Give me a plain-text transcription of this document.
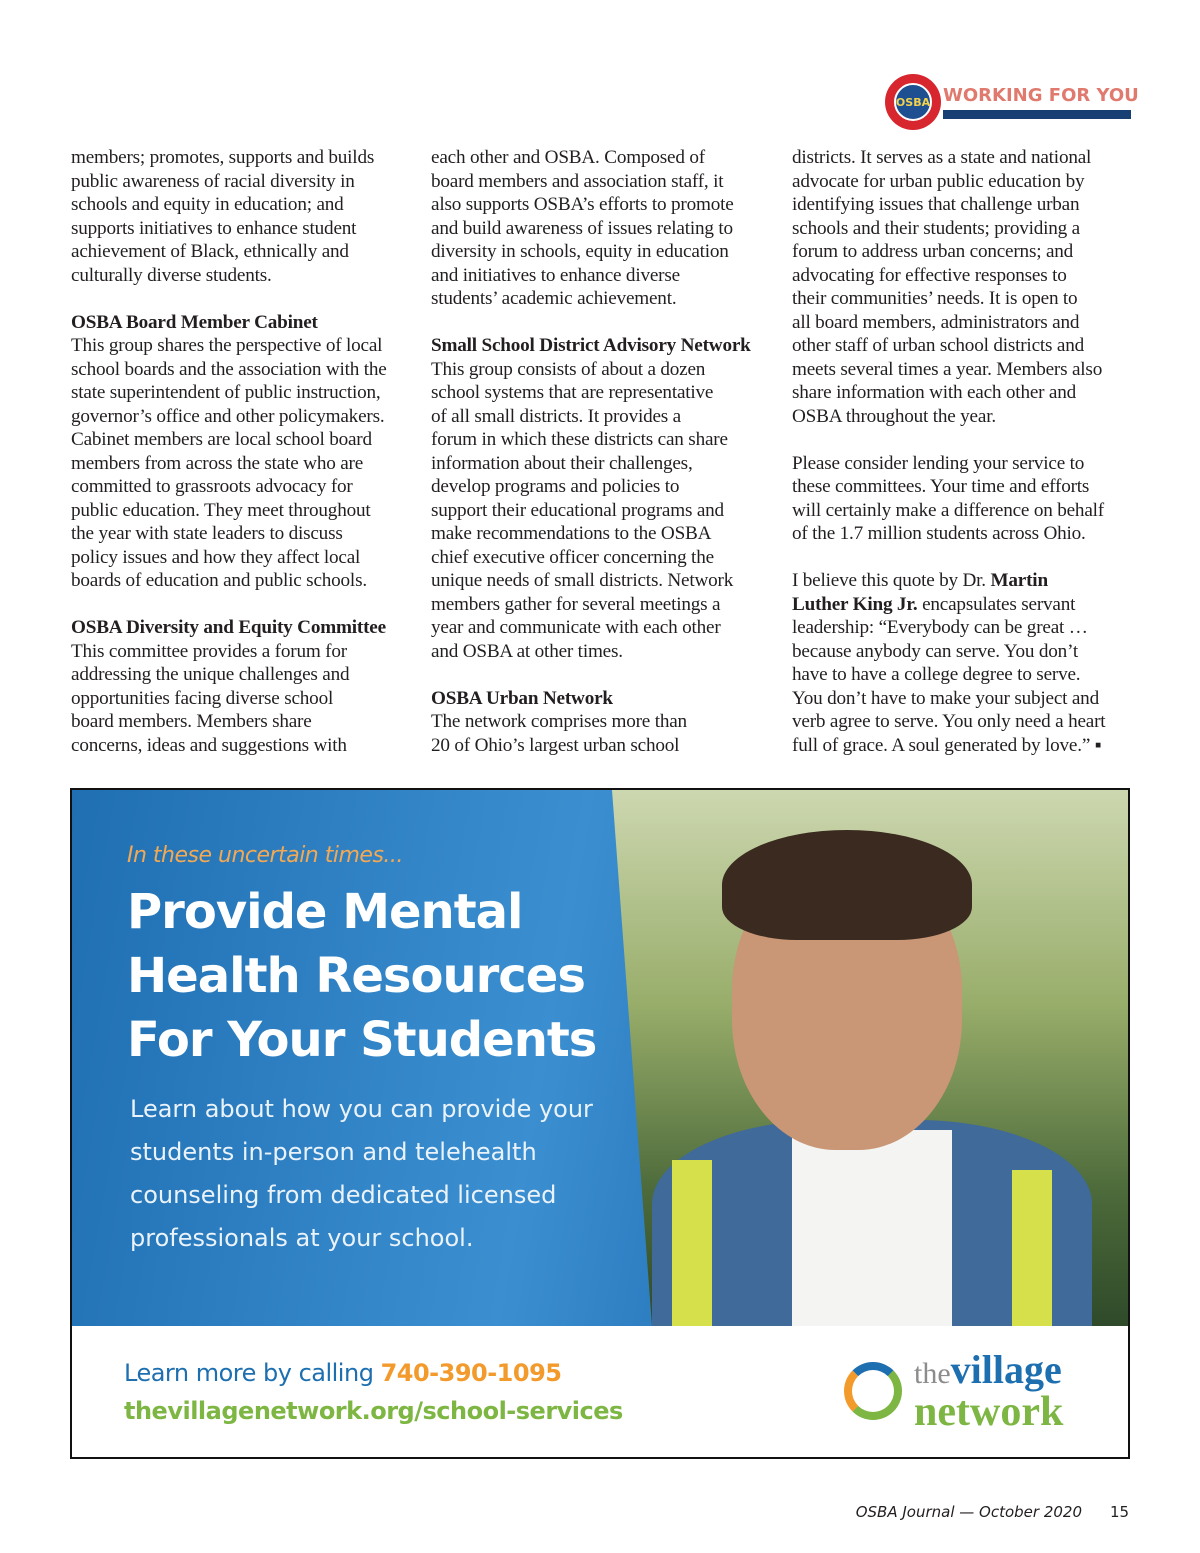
OSBA WORKING FOR YOU
members; promotes, supports and builds
public awareness of racial diversity in
schools and equity in education; and
supports initiatives to enhance student
achievement of Black, ethnically and
culturally diverse students.
OSBA Board Member Cabinet
This group shares the perspective of local
school boards and the association with the
state superintendent of public instruction,
governor’s office and other policymakers.
Cabinet members are local school board
members from across the state who are
committed to grassroots advocacy for
public education. They meet throughout
the year with state leaders to discuss
policy issues and how they affect local
boards of education and public schools.
OSBA Diversity and Equity Committee
This committee provides a forum for
addressing the unique challenges and
opportunities facing diverse school
board members. Members share
concerns, ideas and suggestions with
each other and OSBA. Composed of
board members and association staff, it
also supports OSBA’s efforts to promote
and build awareness of issues relating to
diversity in schools, equity in education
and initiatives to enhance diverse
students’ academic achievement.
Small School District Advisory Network
This group consists of about a dozen
school systems that are representative
of all small districts. It provides a
forum in which these districts can share
information about their challenges,
develop programs and policies to
support their educational programs and
make recommendations to the OSBA
chief executive officer concerning the
unique needs of small districts. Network
members gather for several meetings a
year and communicate with each other
and OSBA at other times.
OSBA Urban Network
The network comprises more than
20 of Ohio’s largest urban school
districts. It serves as a state and national
advocate for urban public education by
identifying issues that challenge urban
schools and their students; providing a
forum to address urban concerns; and
advocating for effective responses to
their communities’ needs. It is open to
all board members, administrators and
other staff of urban school districts and
meets several times a year. Members also
share information with each other and
OSBA throughout the year.
Please consider lending your service to
these committees. Your time and efforts
will certainly make a difference on behalf
of the 1.7 million students across Ohio.
I believe this quote by Dr. Martin
Luther King Jr. encapsulates servant
leadership: “Everybody can be great …
because anybody can serve. You don’t
have to have a college degree to serve.
You don’t have to make your subject and
verb agree to serve. You only need a heart
full of grace. A soul generated by love.” ▪
In these uncertain times...
Provide Mental
Health Resources
For Your Students
Learn about how you can provide your
students in-person and telehealth
counseling from dedicated licensed
professionals at your school.
Learn more by calling 740-390-1095
thevillagenetwork.org/school-services
the village
network
OSBA Journal — October 2020 15
